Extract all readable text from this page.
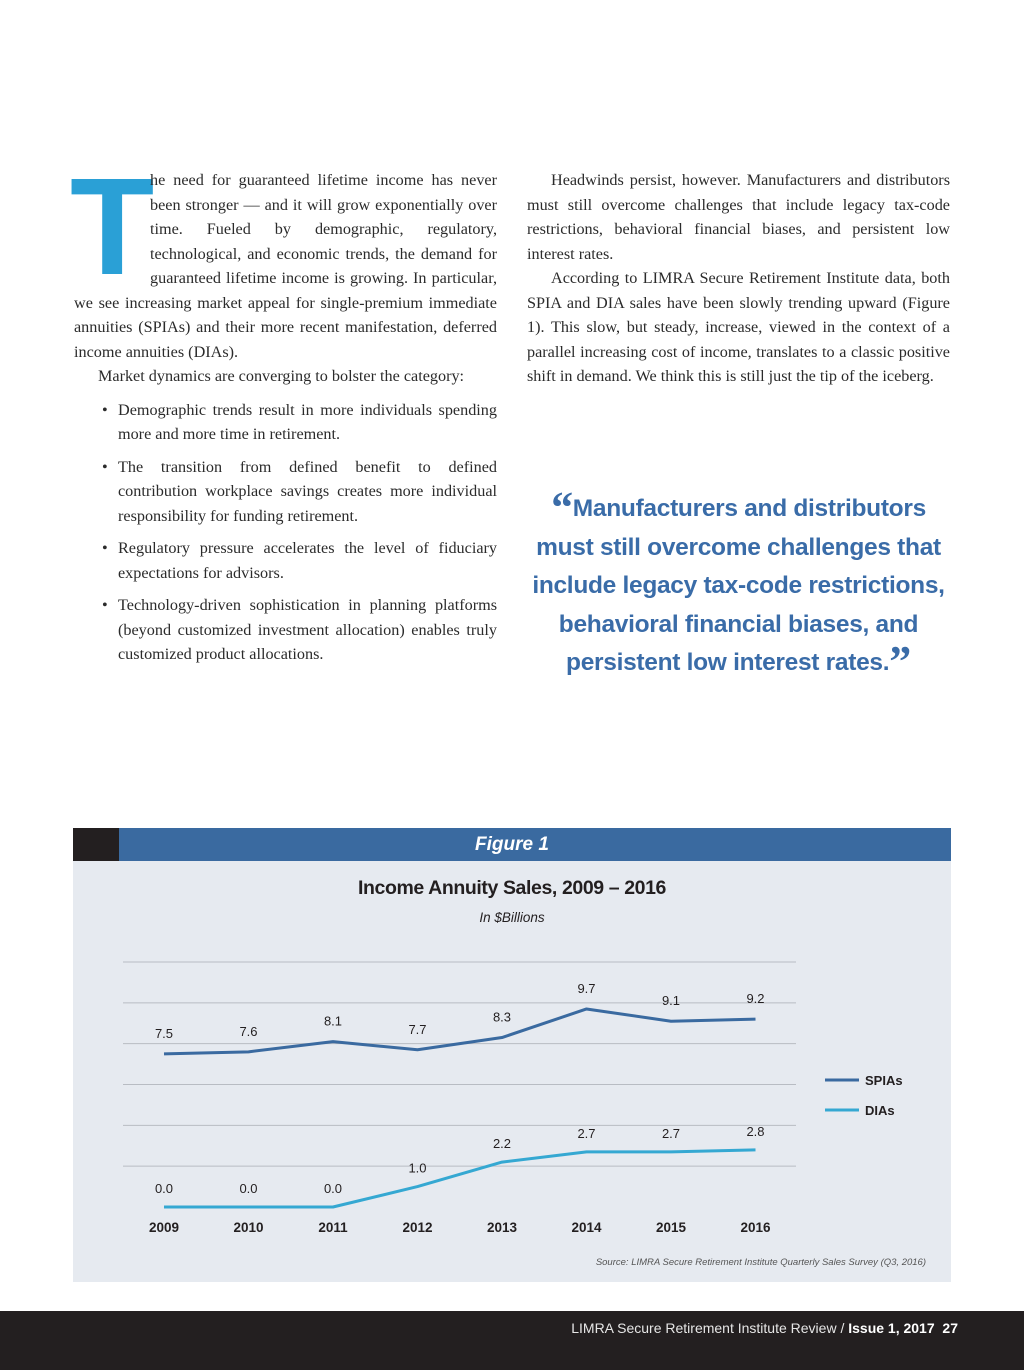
T

he need for guaranteed lifetime income has never been stronger — and it will grow exponentially over time. Fueled by demographic, regulatory, technological, and economic trends, the demand for guaranteed lifetime income is growing. In particular, we see increasing market appeal for single-premium immediate annuities (SPIAs) and their more recent manifestation, deferred income annuities (DIAs).

Market dynamics are converging to bolster the category:

• Demographic trends result in more individuals spending more and more time in retirement.
• The transition from defined benefit to defined contribution workplace savings creates more individual responsibility for funding retirement.
• Regulatory pressure accelerates the level of fiduciary expectations for advisors.
• Technology-driven sophistication in planning platforms (beyond customized investment allocation) enables truly customized product allocations.

Headwinds persist, however. Manufacturers and distributors must still overcome challenges that include legacy tax-code restrictions, behavioral financial biases, and persistent low interest rates.

According to LIMRA Secure Retirement Institute data, both SPIA and DIA sales have been slowly trending upward (Figure 1). This slow, but steady, increase, viewed in the context of a parallel increasing cost of income, translates to a classic positive shift in demand. We think this is still just the tip of the iceberg.

“Manufacturers and distributors must still overcome challenges that include legacy tax-code restrictions, behavioral financial biases, and persistent low interest rates.”
Figure 1
Income Annuity Sales, 2009 – 2016
In $Billions
7.5	7.6
8.1
7.7
8.3
9.7
9.1	9.2
0.0	0.0	0.0
1.0
2.2
2.7	2.7	2.8
2009	2010	2011	2012	2013	2014	2015	2016
SPIAs
DIAs
Source: LIMRA Secure Retirement Institute Quarterly Sales Survey (Q3, 2016)
LIMRA Secure Retirement Institute Review / Issue 1, 2017 27
